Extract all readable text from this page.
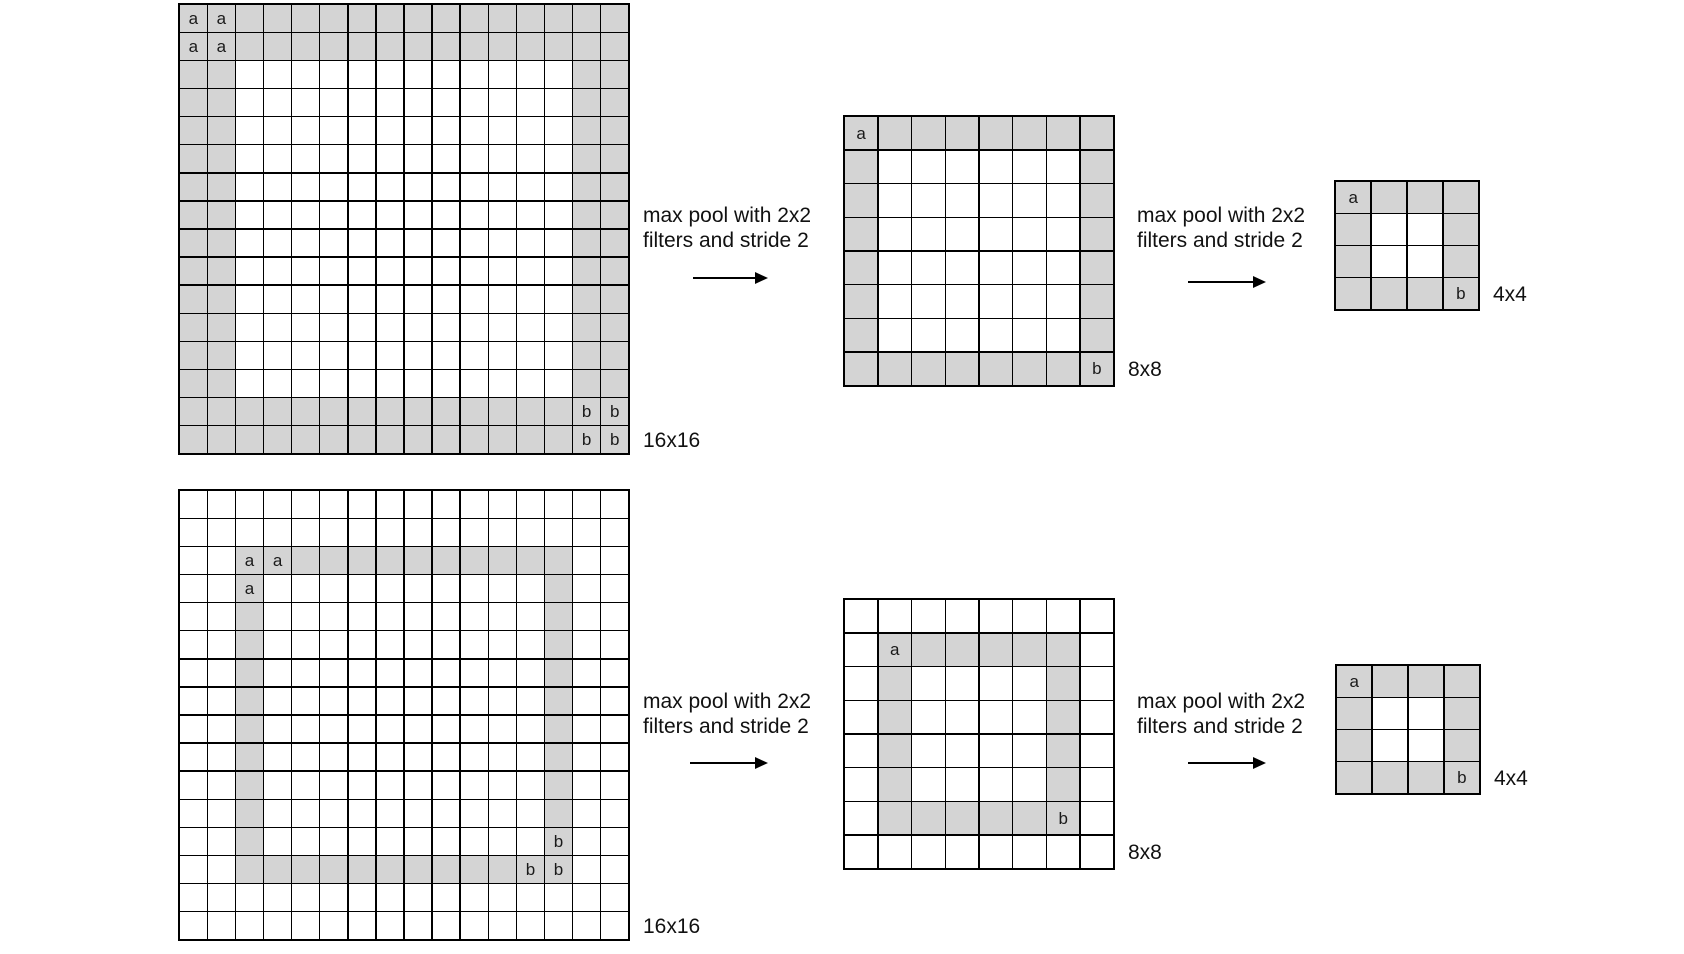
a	a
a	a
b	b
b	b	16x16
a
b	8x8
a
b	4x4
a	a
a
b
b	b
16x16
a
b
8x8
a
b	4x4
max pool with 2x2
filters and stride 2
max pool with 2x2
filters and stride 2
max pool with 2x2
filters and stride 2
max pool with 2x2
filters and stride 2
